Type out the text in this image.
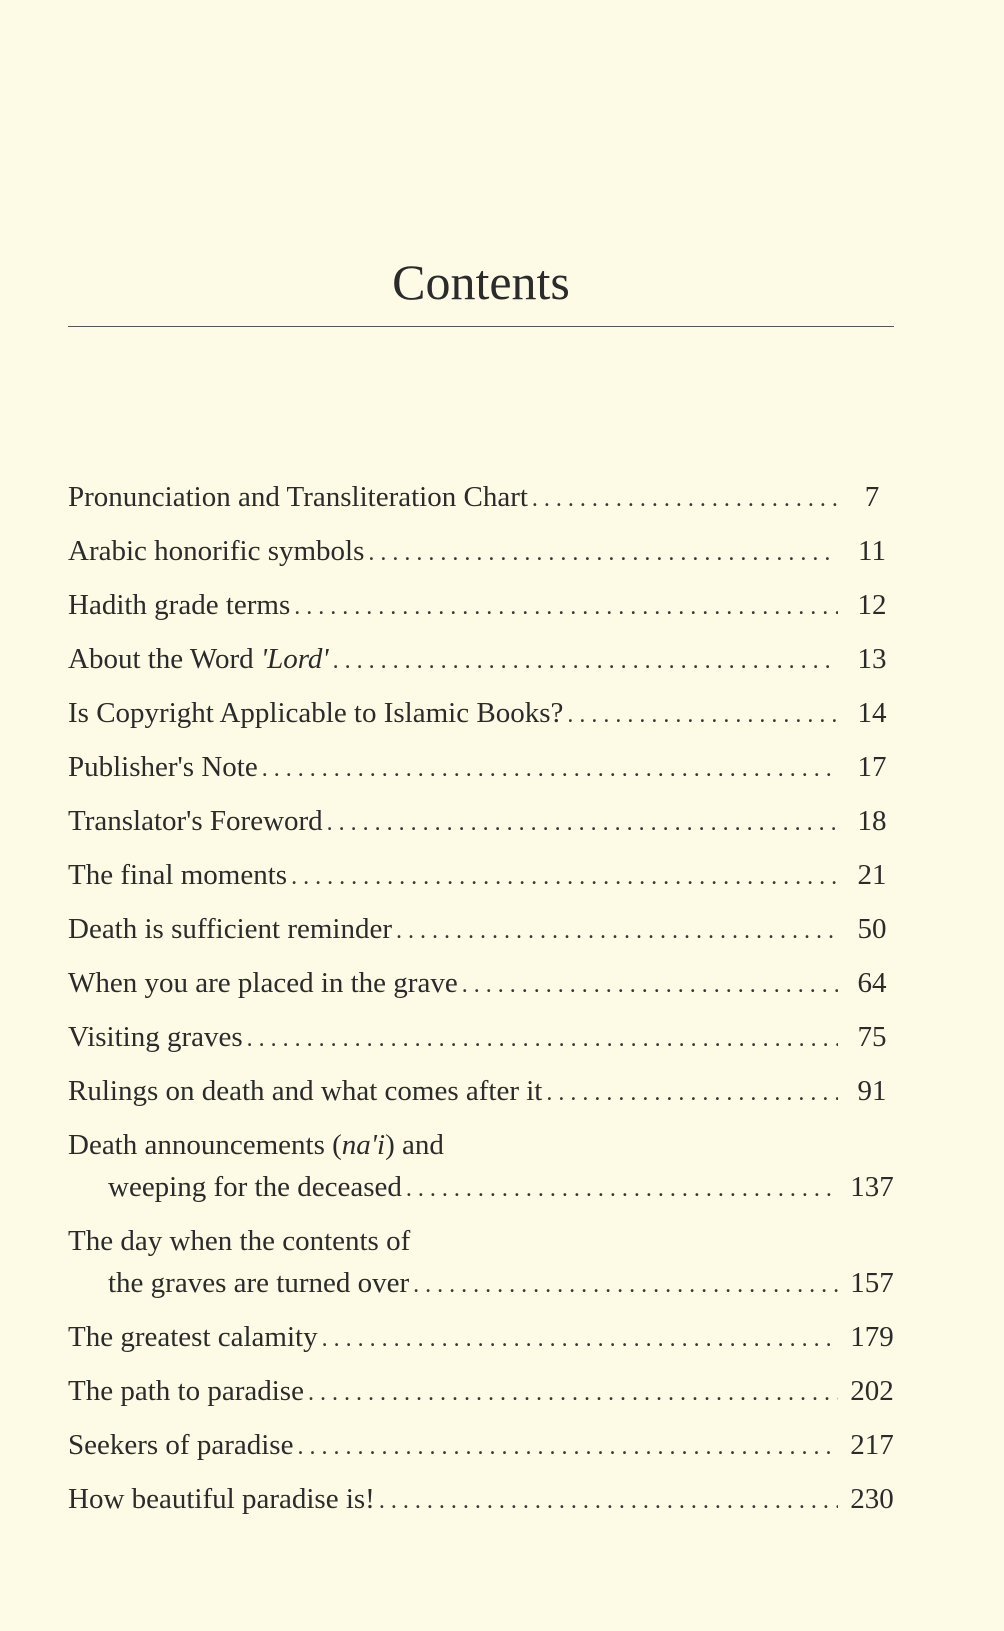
Contents
Pronunciation and Transliteration Chart . . .	7
Arabic honorific symbols . . .	11
Hadith grade terms . . .	12
About the Word 'Lord' . . .	13
Is Copyright Applicable to Islamic Books? . . .	14
Publisher's Note . . .	17
Translator's Foreword . . .	18
The final moments . . .	21
Death is sufficient reminder . . .	50
When you are placed in the grave . . .	64
Visiting graves . . .	75
Rulings on death and what comes after it . . .	91
Death announcements (na'i) and
weeping for the deceased . . .	137
The day when the contents of
the graves are turned over . . .	157
The greatest calamity . . .	179
The path to paradise . . .	202
Seekers of paradise . . .	217
How beautiful paradise is! . . .	230
